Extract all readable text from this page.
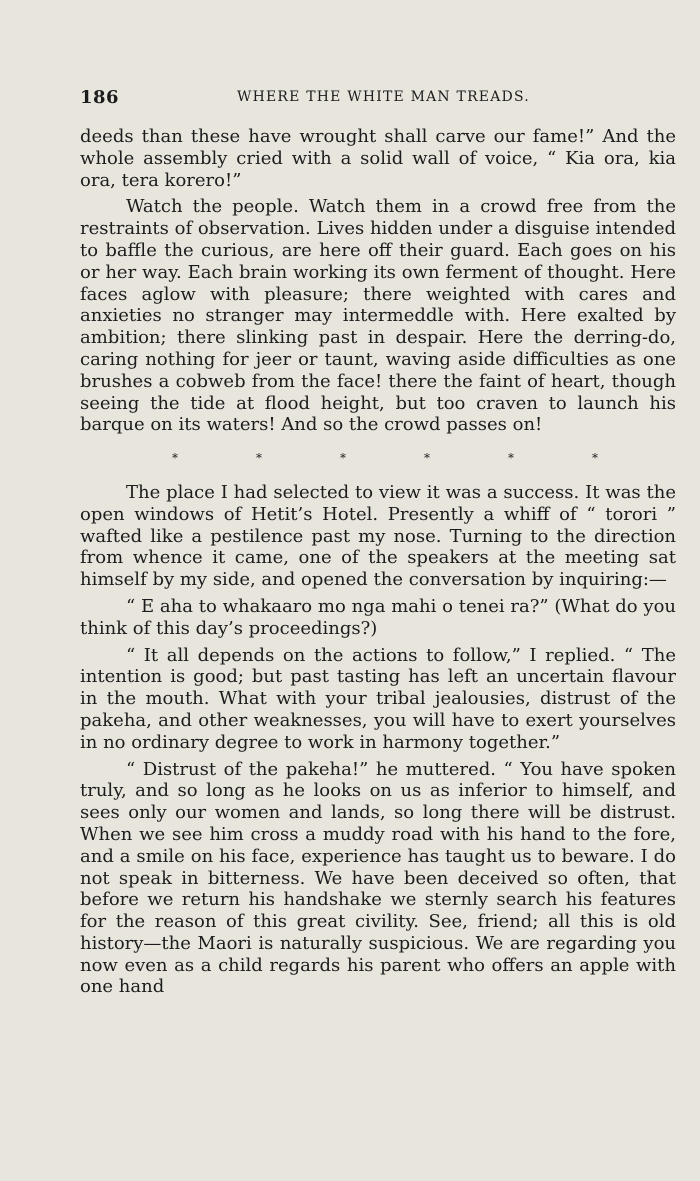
186	WHERE THE WHITE MAN TREADS.

deeds than these have wrought shall carve our fame!” And the whole assembly cried with a solid wall of voice, “ Kia ora, kia ora, tera korero!”

Watch the people. Watch them in a crowd free from the restraints of observation. Lives hidden under a disguise intended to baffle the curious, are here off their guard. Each goes on his or her way. Each brain working its own ferment of thought. Here faces aglow with pleasure; there weighted with cares and anxieties no stranger may intermeddle with. Here exalted by ambition; there slinking past in despair. Here the derring-do, caring nothing for jeer or taunt, waving aside difficulties as one brushes a cobweb from the face! there the faint of heart, though seeing the tide at flood height, but too craven to launch his barque on its waters! And so the crowd passes on!

*	*	*	*	*	*

The place I had selected to view it was a success. It was the open windows of Hetit’s Hotel. Presently a whiff of “ torori ” wafted like a pestilence past my nose. Turning to the direction from whence it came, one of the speakers at the meeting sat himself by my side, and opened the conversation by inquiring:—

“ E aha to whakaaro mo nga mahi o tenei ra?” (What do you think of this day’s proceedings?)

“ It all depends on the actions to follow,” I replied. “ The intention is good; but past tasting has left an uncertain flavour in the mouth. What with your tribal jealousies, distrust of the pakeha, and other weaknesses, you will have to exert yourselves in no ordinary degree to work in harmony together.”

“ Distrust of the pakeha!” he muttered. “ You have spoken truly, and so long as he looks on us as inferior to himself, and sees only our women and lands, so long there will be distrust. When we see him cross a muddy road with his hand to the fore, and a smile on his face, experience has taught us to beware. I do not speak in bitterness. We have been deceived so often, that before we return his handshake we sternly search his features for the reason of this great civility. See, friend; all this is old history—the Maori is naturally suspicious. We are regarding you now even as a child regards his parent who offers an apple with one hand
